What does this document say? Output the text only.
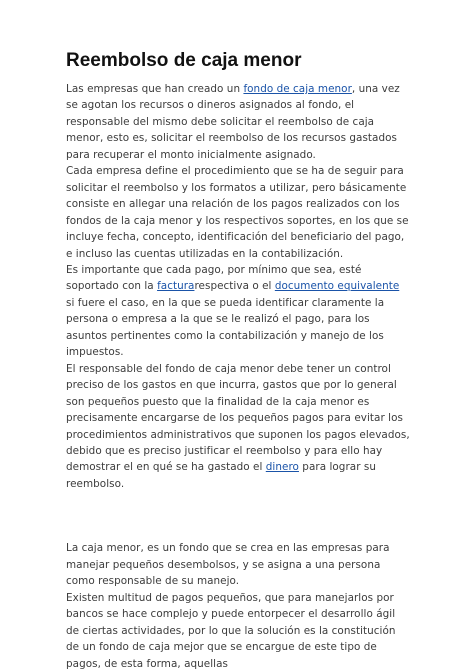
Reembolso de caja menor

Las empresas que han creado un fondo de caja menor, una vez se agotan los recursos o dineros asignados al fondo, el responsable del mismo debe solicitar el reembolso de caja menor, esto es, solicitar el reembolso de los recursos gastados para recuperar el monto inicialmente asignado.

Cada empresa define el procedimiento que se ha de seguir para solicitar el reembolso y los formatos a utilizar, pero básicamente consiste en allegar una relación de los pagos realizados con los fondos de la caja menor y los respectivos soportes, en los que se incluye fecha, concepto, identificación del beneficiario del pago, e incluso las cuentas utilizadas en la contabilización.

Es importante que cada pago, por mínimo que sea, esté soportado con la facturarespectiva o el documento equivalente si fuere el caso, en la que se pueda identificar claramente la persona o empresa a la que se le realizó el pago, para los asuntos pertinentes como la contabilización y manejo de los impuestos.

El responsable del fondo de caja menor debe tener un control preciso de los gastos en que incurra, gastos que por lo general son pequeños puesto que la finalidad de la caja menor es precisamente encargarse de los pequeños pagos para evitar los procedimientos administrativos que suponen los pagos elevados, debido que es preciso justificar el reembolso y para ello hay demostrar el en qué se ha gastado el dinero para lograr su reembolso.

La caja menor, es un fondo que se crea en las empresas para manejar pequeños desembolsos, y se asigna a una persona como responsable de su manejo.

Existen multitud de pagos pequeños, que para manejarlos por bancos se hace complejo y puede entorpecer el desarrollo ágil de ciertas actividades, por lo que la solución es la constitución de un fondo de caja mejor que se encargue de este tipo de pagos, de esta forma, aquellas
